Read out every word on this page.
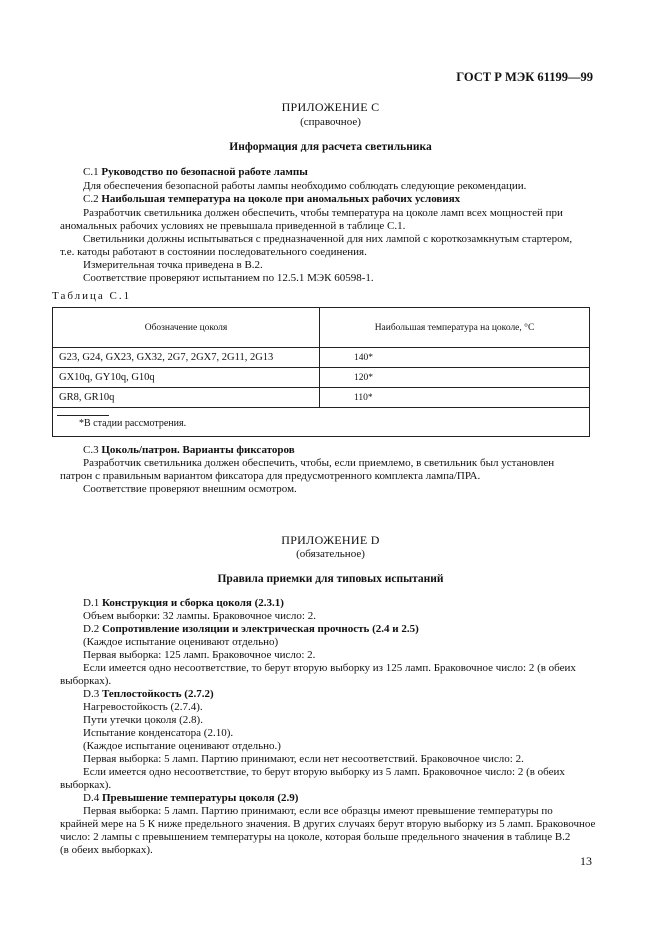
ГОСТ Р МЭК 61199—99
ПРИЛОЖЕНИЕ С
(справочное)
Информация для расчета светильника
С.1 Руководство по безопасной работе лампы
Для обеспечения безопасной работы лампы необходимо соблюдать следующие рекомендации.
С.2 Наибольшая температура на цоколе при аномальных рабочих условиях
Разработчик светильника должен обеспечить, чтобы температура на цоколе ламп всех мощностей при
аномальных рабочих условиях не превышала приведенной в таблице С.1.
Светильники должны испытываться с предназначенной для них лампой с короткозамкнутым стартером,
т.е. катоды работают в состоянии последовательного соединения.
Измерительная точка приведена в В.2.
Соответствие проверяют испытанием по 12.5.1 МЭК 60598-1.
Таблица С.1
Обозначение цоколя	Наибольшая температура на цоколе, °С
G23, G24, GX23, GX32, 2G7, 2GX7, 2G11, 2G13	140*
GX10q, GY10q, G10q	120*
GR8, GR10q	110*

*В стадии рассмотрения.	
С.3 Цоколь/патрон. Варианты фиксаторов
Разработчик светильника должен обеспечить, чтобы, если приемлемо, в светильник был установлен
патрон с правильным вариантом фиксатора для предусмотренного комплекта лампа/ПРА.
Соответствие проверяют внешним осмотром.
ПРИЛОЖЕНИЕ D
(обязательное)
Правила приемки для типовых испытаний
D.1 Конструкция и сборка цоколя (2.3.1)
Объем выборки: 32 лампы. Браковочное число: 2.
D.2 Сопротивление изоляции и электрическая прочность (2.4 и 2.5)
(Каждое испытание оценивают отдельно)
Первая выборка: 125 ламп. Браковочное число: 2.
Если имеется одно несоответствие, то берут вторую выборку из 125 ламп. Браковочное число: 2 (в обеих
выборках).
D.3 Теплостойкость (2.7.2)
Нагревостойкость (2.7.4).
Пути утечки цоколя (2.8).
Испытание конденсатора (2.10).
(Каждое испытание оценивают отдельно.)
Первая выборка: 5 ламп. Партию принимают, если нет несоответствий. Браковочное число: 2.
Если имеется одно несоответствие, то берут вторую выборку из 5 ламп. Браковочное число: 2 (в обеих
выборках).
D.4 Превышение температуры цоколя (2.9)
Первая выборка: 5 ламп. Партию принимают, если все образцы имеют превышение температуры по
крайней мере на 5 К ниже предельного значения. В других случаях берут вторую выборку из 5 ламп. Браковочное
число: 2 лампы с превышением температуры на цоколе, которая больше предельного значения в таблице В.2
(в обеих выборках).
13
